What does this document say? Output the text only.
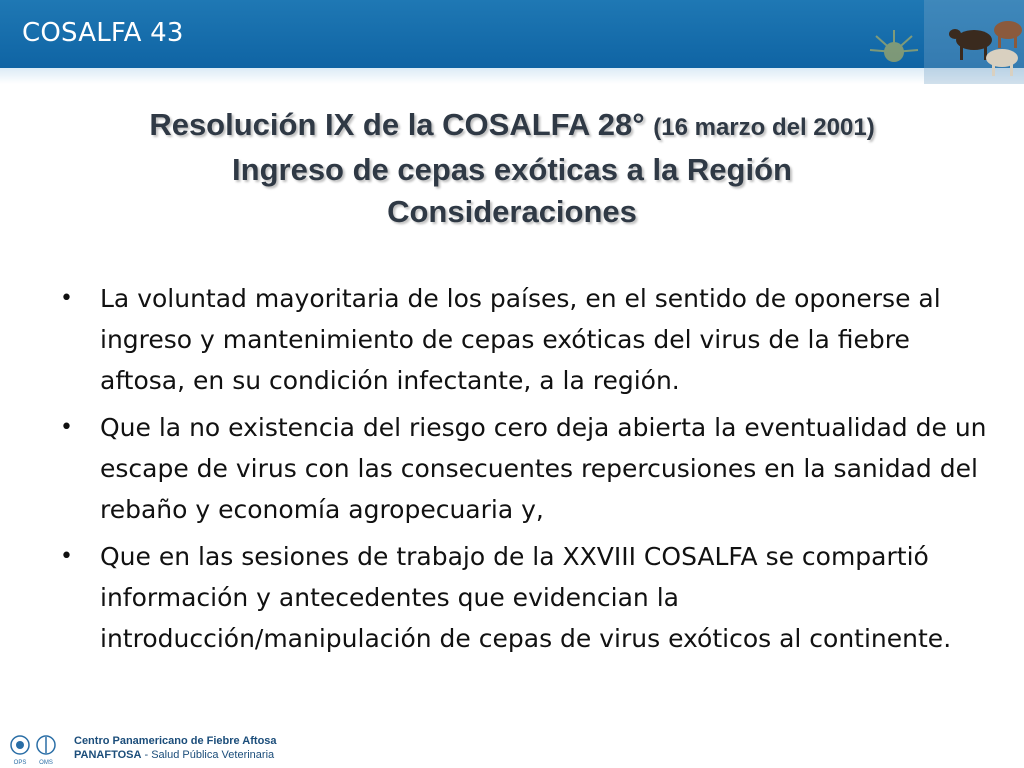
COSALFA 43
Resolución IX de la COSALFA 28° (16 marzo del 2001)
Ingreso de cepas exóticas a la Región
Consideraciones
• La voluntad mayoritaria de los países, en el sentido de oponerse al ingreso y mantenimiento de cepas exóticas del virus de la fiebre aftosa, en su condición infectante, a la región.
• Que la no existencia del riesgo cero deja abierta la eventualidad de un escape de virus con las consecuentes repercusiones en la sanidad del rebaño y economía agropecuaria y,
• Que en las sesiones de trabajo de la XXVIII COSALFA se compartió información y antecedentes que evidencian la introducción/manipulación de cepas de virus exóticos al continente.
OPS OMS
Centro Panamericano de Fiebre Aftosa
PANAFTOSA - Salud Pública Veterinaria
